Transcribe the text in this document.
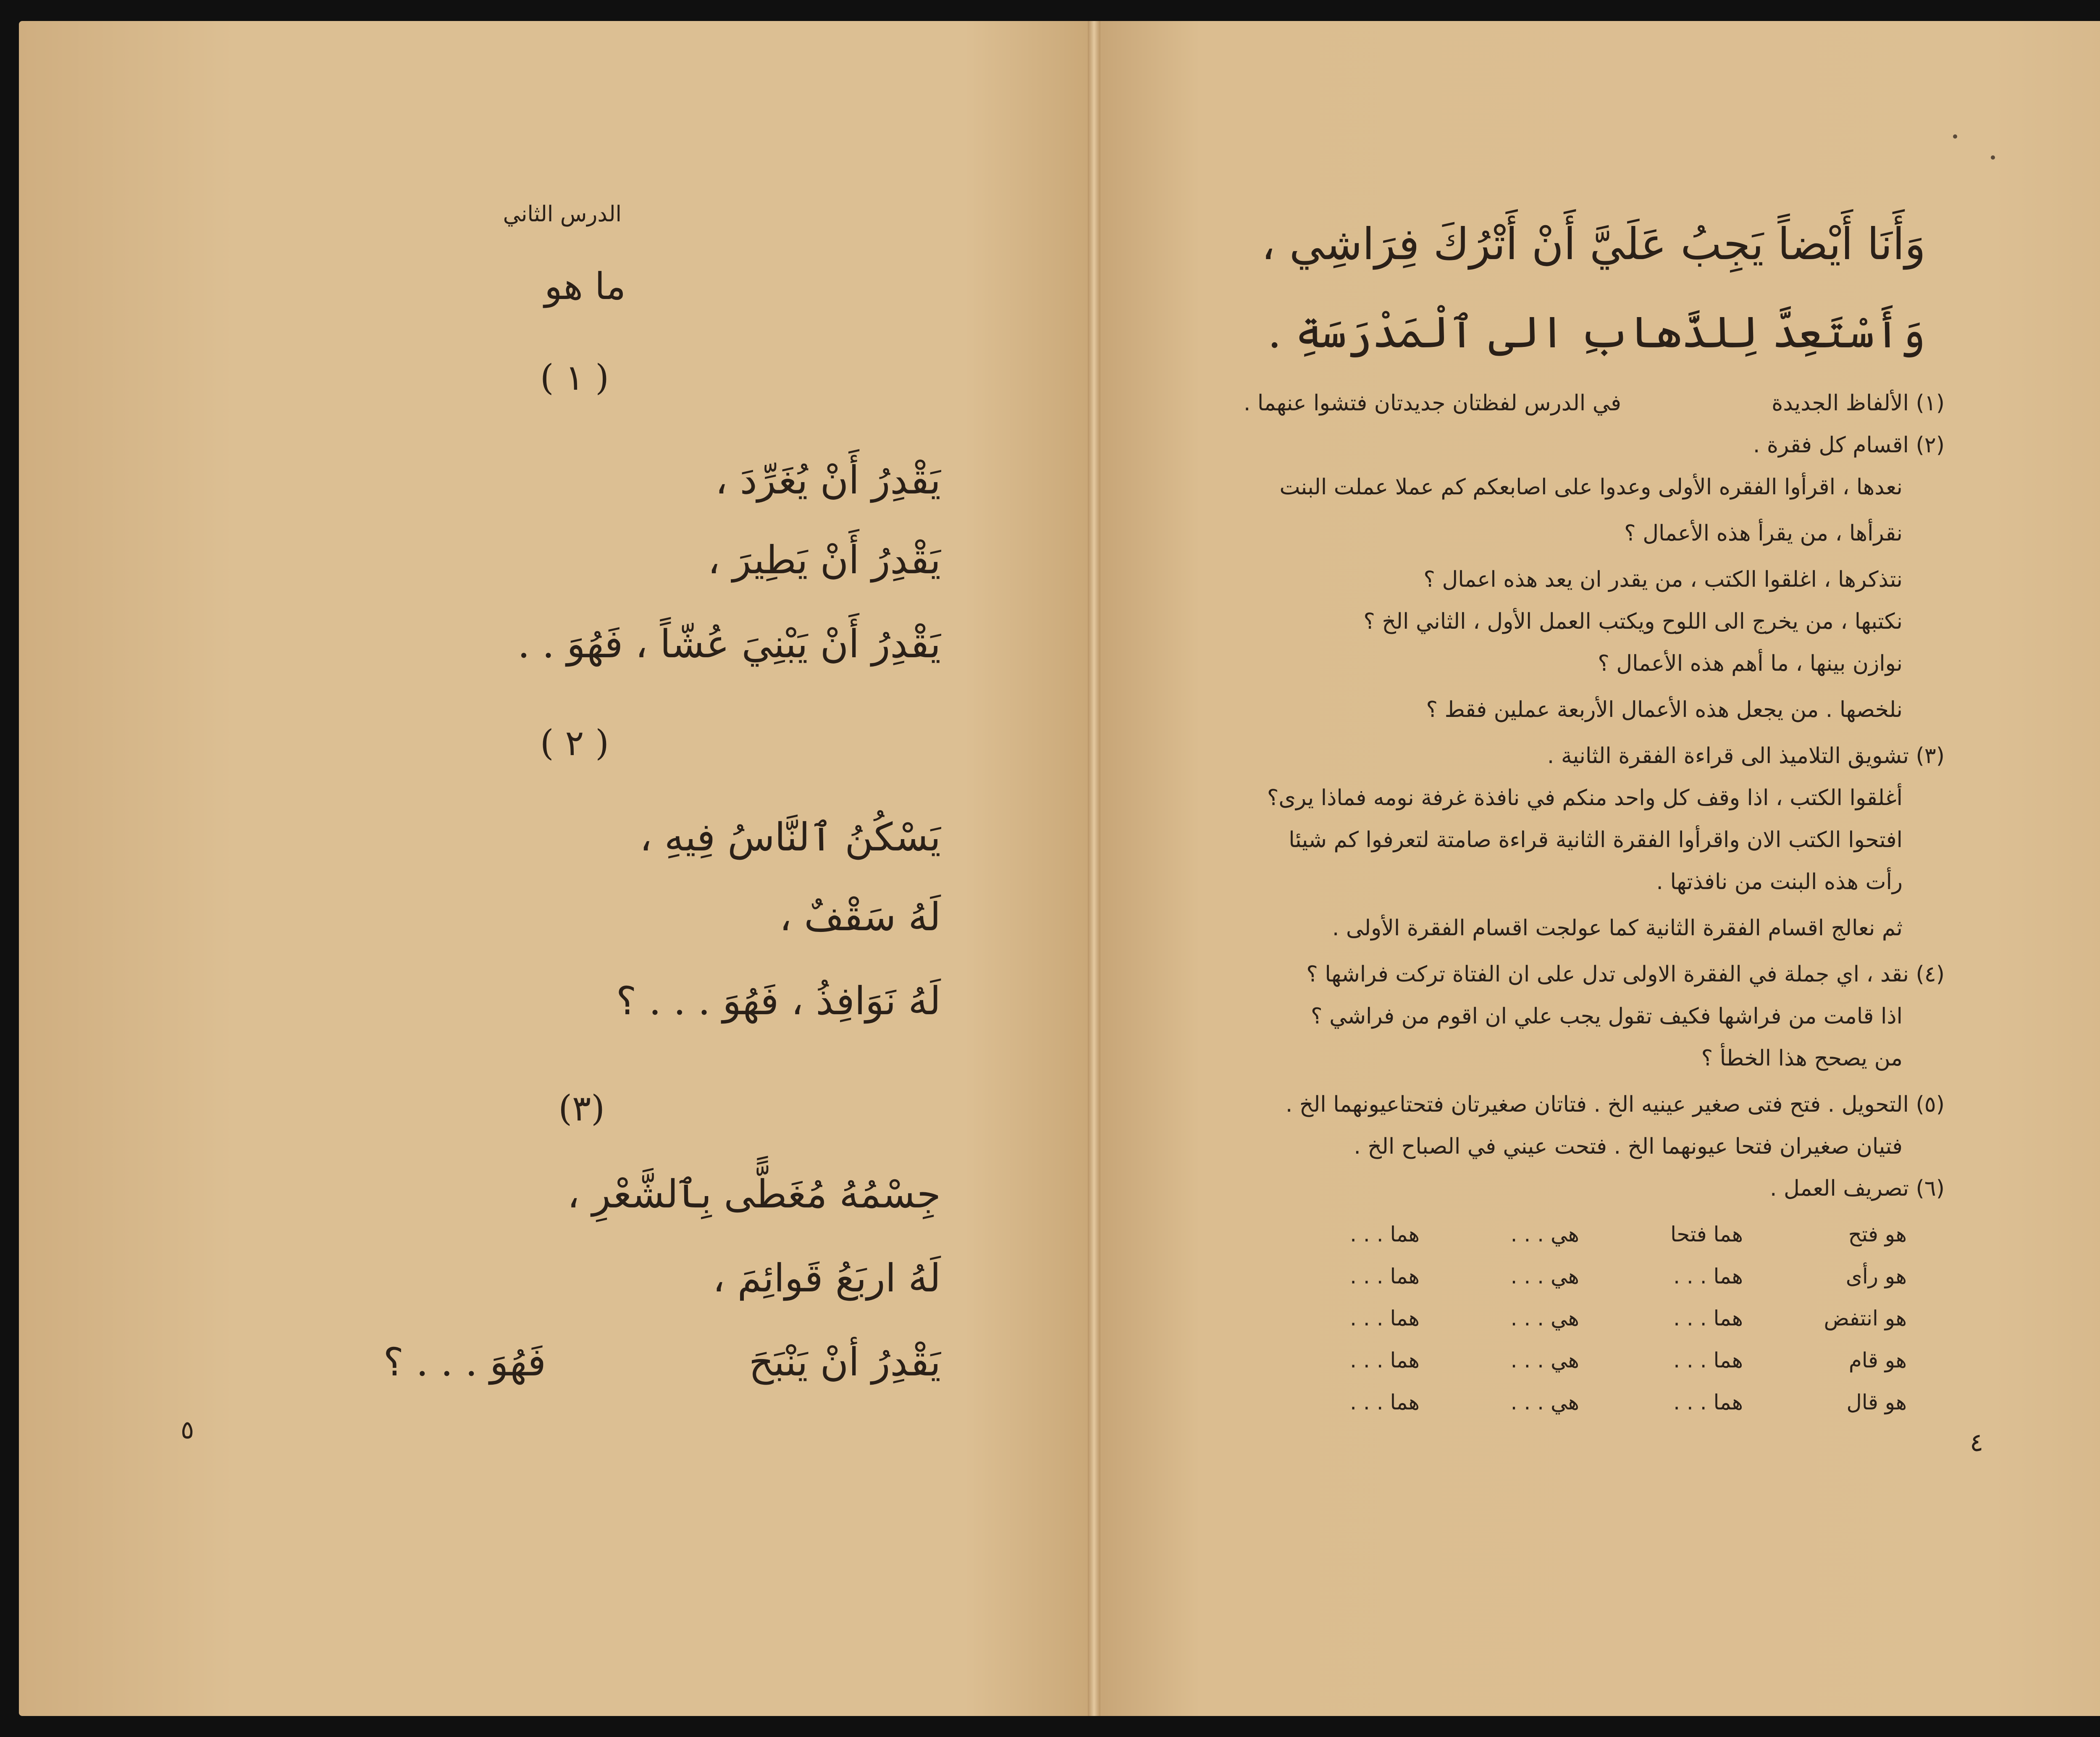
الدرس الثاني
ما هو
( ١ )
يَقْدِرُ أَنْ يُغَرِّدَ ،
يَقْدِرُ أَنْ يَطِيرَ ،
يَقْدِرُ أَنْ يَبْنِيَ عُشّاً ، فَهُوَ . .
( ٢ )
يَسْكُنُ ٱلنَّاسُ فِيهِ ،
لَهُ سَقْفٌ ،
لَهُ نَوَافِذُ ، فَهُوَ . . . ؟
(٣)
جِسْمُهُ مُغَطًّى بِٱلشَّعْرِ ،
لَهُ اربَعُ قَوائِمَ ،
يَقْدِرُ أنْ يَنْبَحَ
فَهُوَ . . . ؟
٥
وَأَنَا أَيْضاً يَجِبُ عَلَيَّ أَنْ أَتْرُكَ فِرَاشِي ،
وَأَسْتَعِدَّ لِلذَّهابِ الى ٱلْمَدْرَسَةِ .
(١) الألفاظ الجديدة
في الدرس لفظتان جديدتان فتشوا عنهما .
(٢) اقسام كل فقرة .
نعدها ، اقرأوا الفقره الأولى وعدوا على اصابعكم كم عملا عملت البنت
نقرأها ، من يقرأ هذه الأعمال ؟
نتذكرها ، اغلقوا الكتب ، من يقدر ان يعد هذه اعمال ؟
نكتبها ، من يخرج الى اللوح ويكتب العمل الأول ، الثاني الخ ؟
نوازن بينها ، ما أهم هذه الأعمال ؟
نلخصها . من يجعل هذه الأعمال الأربعة عملين فقط ؟
(٣) تشويق التلاميذ الى قراءة الفقرة الثانية .
أغلقوا الكتب ، اذا وقف كل واحد منكم في نافذة غرفة نومه فماذا يرى؟
افتحوا الكتب الان واقرأوا الفقرة الثانية قراءة صامتة لتعرفوا كم شيئا
رأت هذه البنت من نافذتها .
ثم نعالج اقسام الفقرة الثانية كما عولجت اقسام الفقرة الأولى .
(٤) نقد ، اي جملة في الفقرة الاولى تدل على ان الفتاة تركت فراشها ؟
اذا قامت من فراشها فكيف تقول يجب علي ان اقوم من فراشي ؟
من يصحح هذا الخطأ ؟
(٥) التحويل . فتح فتى صغير عينيه الخ . فتاتان صغيرتان فتحتاعيونهما الخ .
فتيان صغيران فتحا عيونهما الخ . فتحت عيني في الصباح الخ .
(٦) تصريف العمل .
هو فتح
هما فتحا
هي . . .
هما . . .
هو رأى
هما . . .
هي . . .
هما . . .
هو انتفض
هما . . .
هي . . .
هما . . .
هو قام
هما . . .
هي . . .
هما . . .
هو قال
هما . . .
هي . . .
هما . . .
٤
